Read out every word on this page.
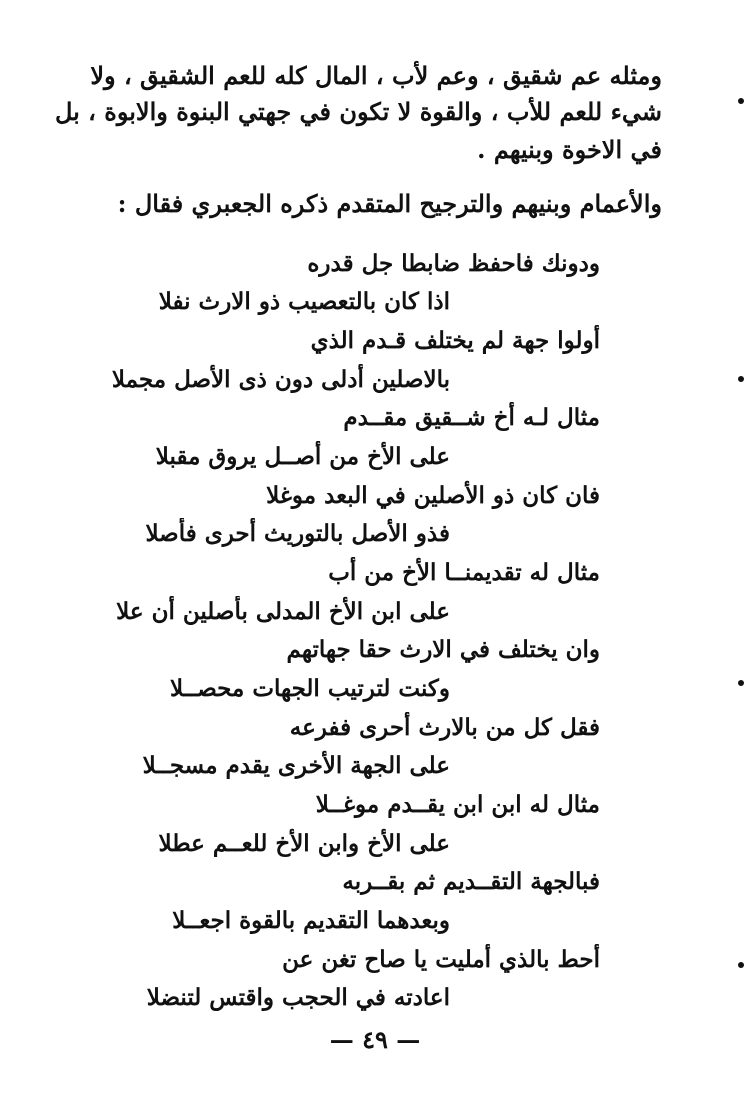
ومثله عم شقيق ، وعم لأب ، المال كله للعم الشقيق ، ولا
شيء للعم للأب ، والقوة لا تكون في جهتي البنوة والابوة ، بل
في الاخوة وبنيهم .
والأعمام وبنيهم والترجيح المتقدم ذكره الجعبري فقال :
ودونك فاحفظ ضابطا جل قدره
اذا كان بالتعصيب ذو الارث نفلا
أولوا جهة لم يختلف قـدم الذي
بالاصلين أدلى دون ذى الأصل مجملا
مثال لـه أخ شــقيق مقــدم
على الأخ من أصــل يروق مقبلا
فان كان ذو الأصلين في البعد موغلا
فذو الأصل بالتوريث أحرى فأصلا
مثال له تقديمنــا الأخ من أب
على ابن الأخ المدلى بأصلين أن علا
وان يختلف في الارث حقا جهاتهم
وكنت لترتيب الجهات محصــلا
فقل كل من بالارث أحرى ففرعه
على الجهة الأخرى يقدم مسجــلا
مثال له ابن ابن يقــدم موغــلا
على الأخ وابن الأخ للعــم عطلا
فبالجهة التقــديم ثم بقــربه
وبعدهما التقديم بالقوة اجعــلا
أحط بالذي أمليت يا صاح تغن عن
اعادته في الحجب واقتس لتنضلا
— ٤٩ —
